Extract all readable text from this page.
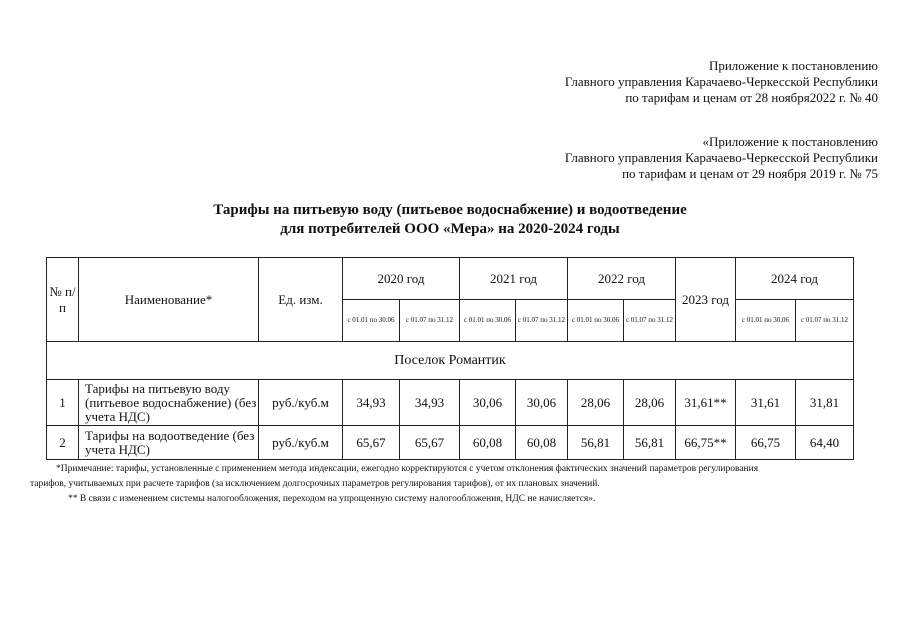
Приложение к постановлению
Главного управления Карачаево-Черкесской Республики
по тарифам и ценам от 28 ноября2022 г. № 40
«Приложение к постановлению
Главного управления Карачаево-Черкесской Республики
по тарифам и ценам от 29 ноября 2019 г. № 75
Тарифы на питьевую воду (питьевое водоснабжение) и водоотведение
для потребителей ООО «Мера» на 2020-2024 годы
№ п/п	Наименование*	Ед. изм.	2020 год		2021 год		2022 год		2023 год	2024 год	
			с 01.01 по 30.06	с 01.07 по 31.12	с 01.01 по 30.06	с 01.07 по 31.12	с 01.01 по 30.06	с 01.07 по 31.12		с 01.01 по 30.06	с 01.07 по 31.12
Поселок Романтик											
1	Тарифы на питьевую воду (питьевое водоснабжение) (без учета НДС)	руб./куб.м	34,93	34,93	30,06	30,06	28,06	28,06	31,61**	31,61	31,81
2	Тарифы на водоотведение (без учета НДС)	руб./куб.м	65,67	65,67	60,08	60,08	56,81	56,81	66,75**	66,75	64,40
*Примечание: тарифы, установленные с применением метода индексации, ежегодно корректируются с учетом отклонения фактических значений параметров регулирования
тарифов, учитываемых при расчете тарифов (за исключением долгосрочных параметров регулирования тарифов), от их плановых значений.
** В связи с изменением системы налогообложения, переходом на упрощенную систему налогообложения, НДС не начисляется».
